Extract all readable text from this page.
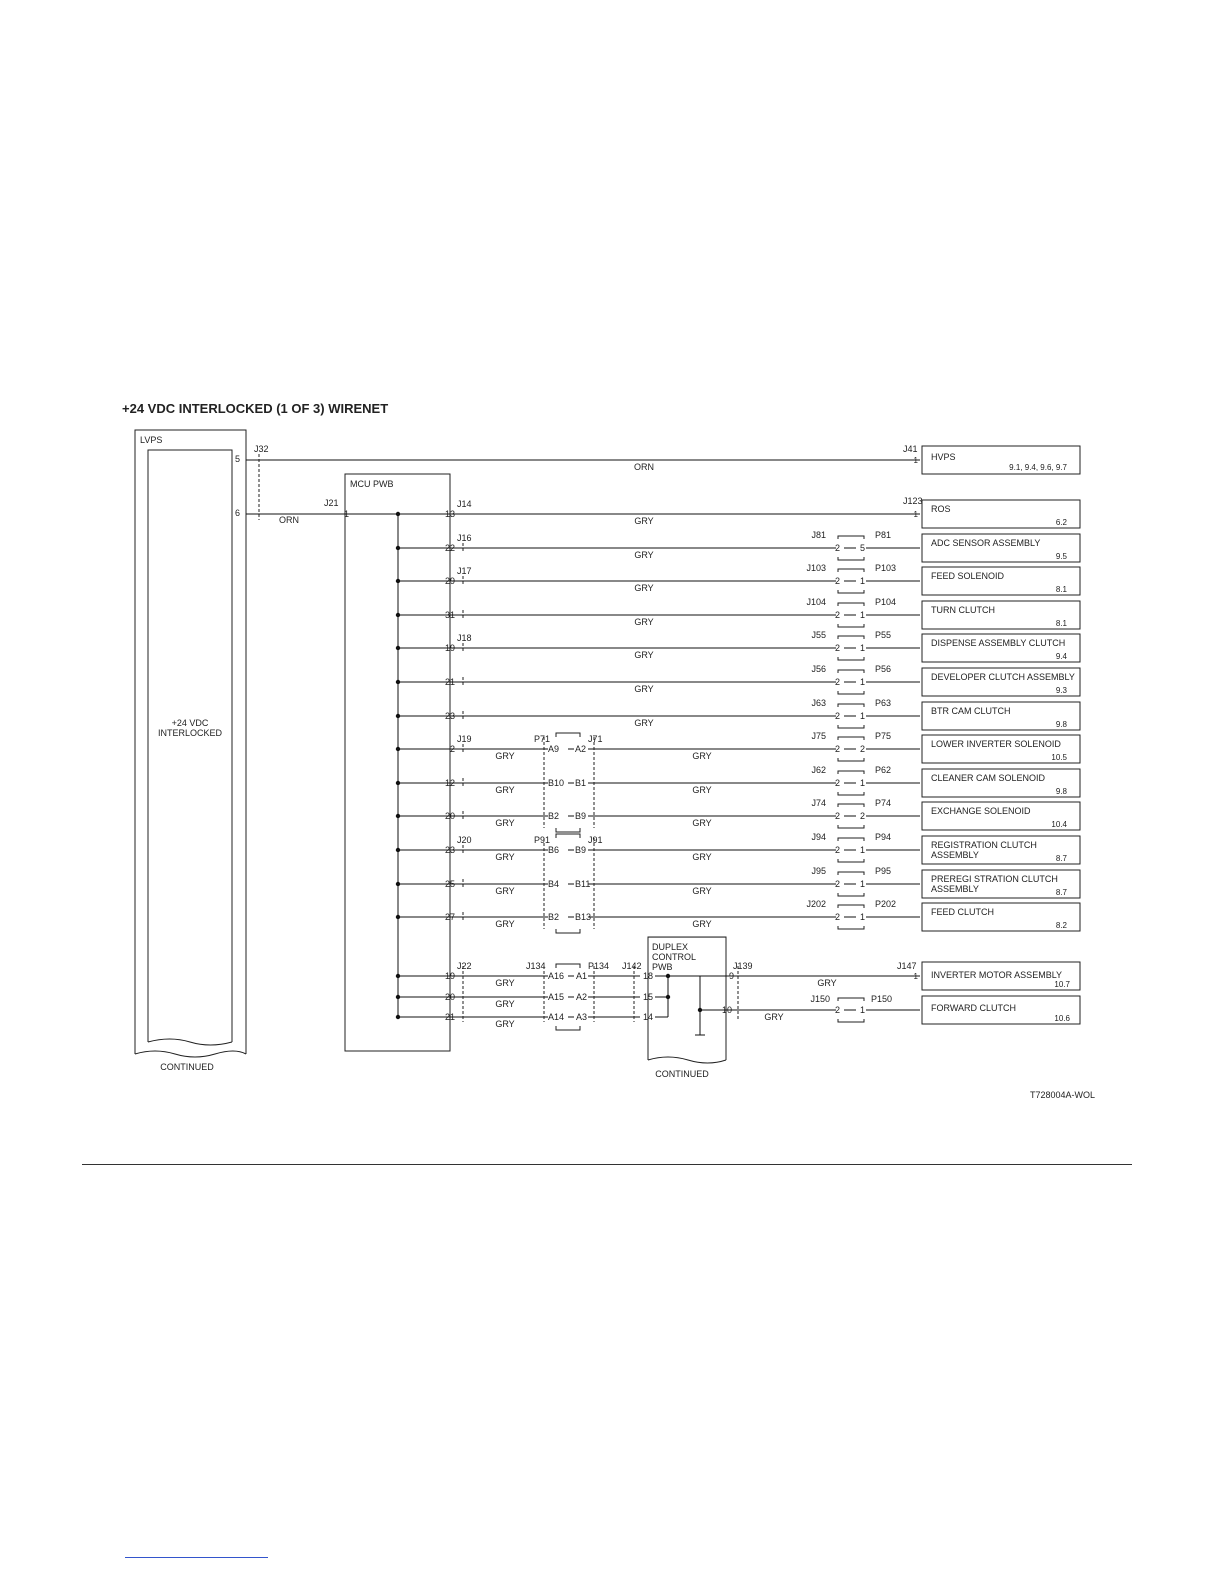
+24 VDC INTERLOCKED (1 OF 3) WIRENET
LVPS
+24 VDC INTERLOCKED
CONTINUED
MCU PWB
5
J32
ORN
J41
1 HVPS
9.1, 9.4, 9.6, 9.7
6
ORN
J21
1	13
J14
GRY
J123
1
ROS
6.2
22
J16
GRY
J81	P81
2 5	ADC SENSOR ASSEMBLY
9.5
29
J17
GRY
J103	P103
2 1	FEED SOLENOID
8.1
31
GRY
J104	P104
2 1	TURN CLUTCH
8.1
19
J18
GRY
J55	P55
2 1	DISPENSE ASSEMBLY CLUTCH
9.4
21
GRY
J56	P56
2 1	DEVELOPER CLUTCH ASSEMBLY
9.3
23
GRY
J63	P63
2 1	BTR CAM CLUTCH
9.8
2
J19
GRY	GRY
A9 A2
P71	J71	J75	P75
2 2	LOWER INVERTER SOLENOID
10.5
12
GRY	GRY
B10 B1
J62	P62
2 1	CLEANER CAM SOLENOID
9.8
20
GRY	GRY
B2 B9
J74	P74
2 2	EXCHANGE SOLENOID
10.4
23
J20
GRY	GRY
B6 B9
P91	J91	J94	P94
2 1	REGISTRATION CLUTCH ASSEMBLY	8.7
25
GRY	GRY
B4 B11
J95	P95
2 1	PREREGI STRATION CLUTCH ASSEMBLY	8.7
27
GRY	GRY
B2 B13
J202	P202
2 1	FEED CLUTCH
8.2
DUPLEX CONTROL PWB
CONTINUED
19
J22
GRY
A16 A1	18
J134	P134 J142
20
GRY
A15 A2	15
21
GRY
A14 A3	14
9
J139
GRY
J147
1 INVERTER MOTOR ASSEMBLY
10.7
10
GRY
J150	P150
2 1	FORWARD CLUTCH
10.6
T728004A-WOL
